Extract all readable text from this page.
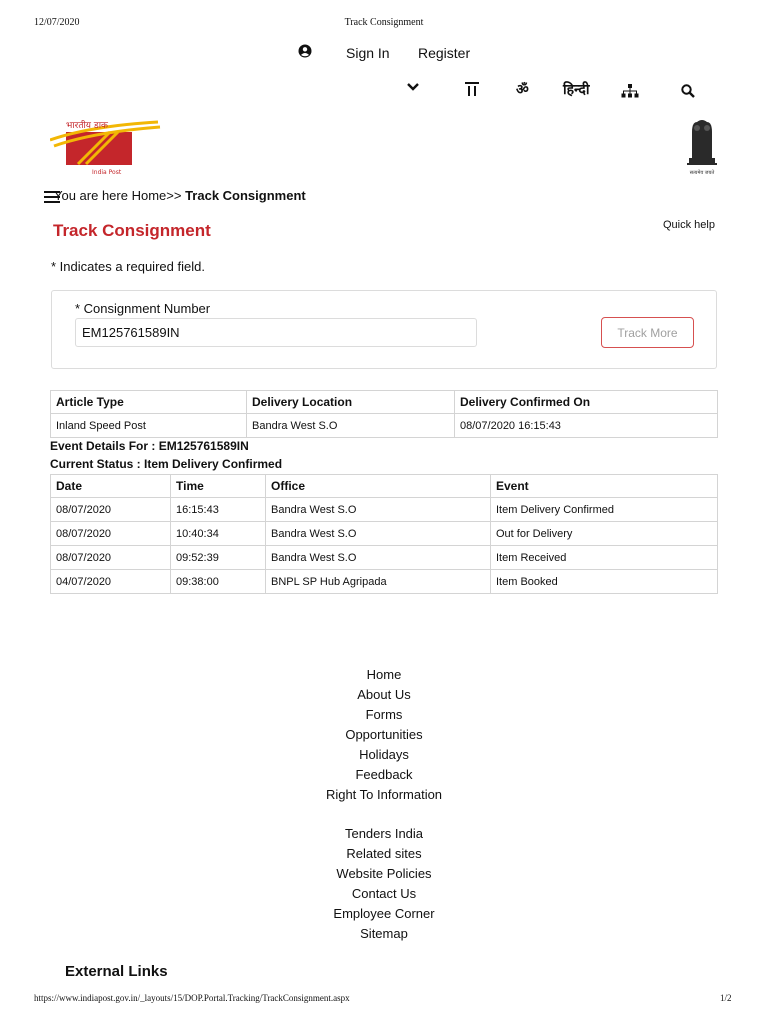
12/07/2020	Track Consignment
https://www.indiapost.gov.in/_layouts/15/DOP.Portal.Tracking/TrackConsignment.aspx	1/2
Sign In Register
ॐ हिन्दी
भारतीय डाक
India Post	सत्यमेव जयते
You are here Home>> Track Consignment
Track Consignment	Quick help
* Indicates a required field.
* Consignment Number
EM125761589IN
Track More
Article Type	Delivery Location	Delivery Confirmed On
Inland Speed Post	Bandra West S.O	08/07/2020 16:15:43
Event Details For : EM125761589IN
Current Status : Item Delivery Confirmed
Date	Time	Office	Event
08/07/2020	16:15:43	Bandra West S.O	Item Delivery Confirmed
08/07/2020	10:40:34	Bandra West S.O	Out for Delivery
08/07/2020	09:52:39	Bandra West S.O	Item Received
04/07/2020	09:38:00	BNPL SP Hub Agripada	Item Booked
Home
About Us
Forms
Opportunities
Holidays
Feedback
Right To Information
Tenders India
Related sites
Website Policies
Contact Us
Employee Corner
Sitemap
External Links
